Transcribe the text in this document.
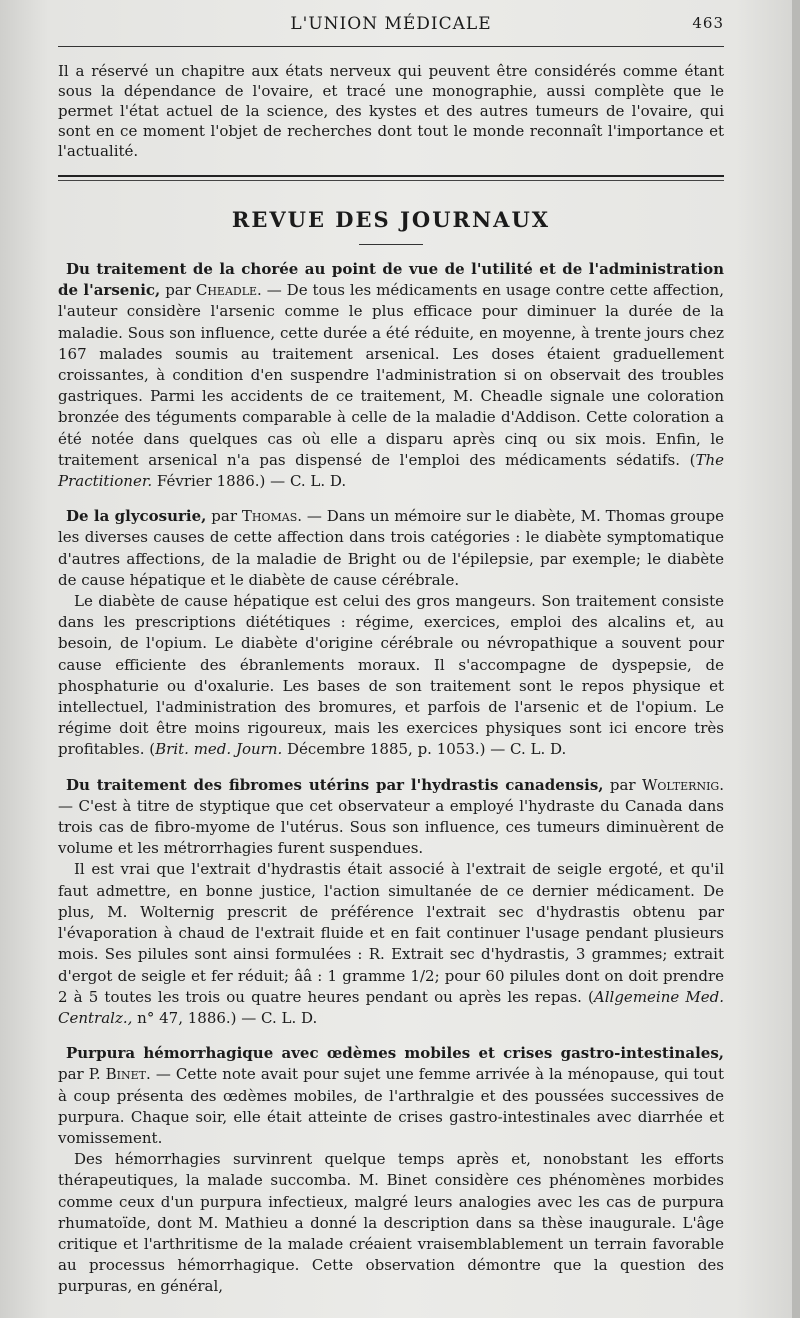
L'UNION MÉDICALE	463
Il a réservé un chapitre aux états nerveux qui peuvent être considérés comme étant sous la dépendance de l'ovaire, et tracé une monographie, aussi complète que le permet l'état actuel de la science, des kystes et des autres tumeurs de l'ovaire, qui sont en ce moment l'objet de recherches dont tout le monde reconnaît l'importance et l'actualité.
REVUE DES JOURNAUX

Du traitement de la chorée au point de vue de l'utilité et de l'administration de l'arsenic, par Cheadle. — De tous les médicaments en usage contre cette affection, l'auteur considère l'arsenic comme le plus efficace pour diminuer la durée de la maladie. Sous son influence, cette durée a été réduite, en moyenne, à trente jours chez 167 malades soumis au traitement arsenical. Les doses étaient graduellement croissantes, à condition d'en suspendre l'administration si on observait des troubles gastriques. Parmi les accidents de ce traitement, M. Cheadle signale une coloration bronzée des téguments comparable à celle de la maladie d'Addison. Cette coloration a été notée dans quelques cas où elle a disparu après cinq ou six mois. Enfin, le traitement arsenical n'a pas dispensé de l'emploi des médicaments sédatifs. (The Practitioner. Février 1886.) — C. L. D.

De la glycosurie, par Thomas. — Dans un mémoire sur le diabète, M. Thomas groupe les diverses causes de cette affection dans trois catégories : le diabète symptomatique d'autres affections, de la maladie de Bright ou de l'épilepsie, par exemple; le diabète de cause hépatique et le diabète de cause cérébrale.

Le diabète de cause hépatique est celui des gros mangeurs. Son traitement consiste dans les prescriptions diététiques : régime, exercices, emploi des alcalins et, au besoin, de l'opium. Le diabète d'origine cérébrale ou névropathique a souvent pour cause efficiente des ébranlements moraux. Il s'accompagne de dyspepsie, de phosphaturie ou d'oxalurie. Les bases de son traitement sont le repos physique et intellectuel, l'administration des bromures, et parfois de l'arsenic et de l'opium. Le régime doit être moins rigoureux, mais les exercices physiques sont ici encore très profitables. (Brit. med. Journ. Décembre 1885, p. 1053.) — C. L. D.

Du traitement des fibromes utérins par l'hydrastis canadensis, par Wolternig. — C'est à titre de styptique que cet observateur a employé l'hydraste du Canada dans trois cas de fibro-myome de l'utérus. Sous son influence, ces tumeurs diminuèrent de volume et les métrorrhagies furent suspendues.

Il est vrai que l'extrait d'hydrastis était associé à l'extrait de seigle ergoté, et qu'il faut admettre, en bonne justice, l'action simultanée de ce dernier médicament. De plus, M. Wolternig prescrit de préférence l'extrait sec d'hydrastis obtenu par l'évaporation à chaud de l'extrait fluide et en fait continuer l'usage pendant plusieurs mois. Ses pilules sont ainsi formulées : R. Extrait sec d'hydrastis, 3 grammes; extrait d'ergot de seigle et fer réduit; ââ : 1 gramme 1/2; pour 60 pilules dont on doit prendre 2 à 5 toutes les trois ou quatre heures pendant ou après les repas. (Allgemeine Med. Centralz., n° 47, 1886.) — C. L. D.

Purpura hémorrhagique avec œdèmes mobiles et crises gastro-intestinales, par P. Binet. — Cette note avait pour sujet une femme arrivée à la ménopause, qui tout à coup présenta des œdèmes mobiles, de l'arthralgie et des poussées successives de purpura. Chaque soir, elle était atteinte de crises gastro-intestinales avec diarrhée et vomissement.

Des hémorrhagies survinrent quelque temps après et, nonobstant les efforts thérapeutiques, la malade succomba. M. Binet considère ces phénomènes morbides comme ceux d'un purpura infectieux, malgré leurs analogies avec les cas de purpura rhumatoïde, dont M. Mathieu a donné la description dans sa thèse inaugurale. L'âge critique et l'arthritisme de la malade créaient vraisemblablement un terrain favorable au processus hémorrhagique. Cette observation démontre que la question des purpuras, en général,
